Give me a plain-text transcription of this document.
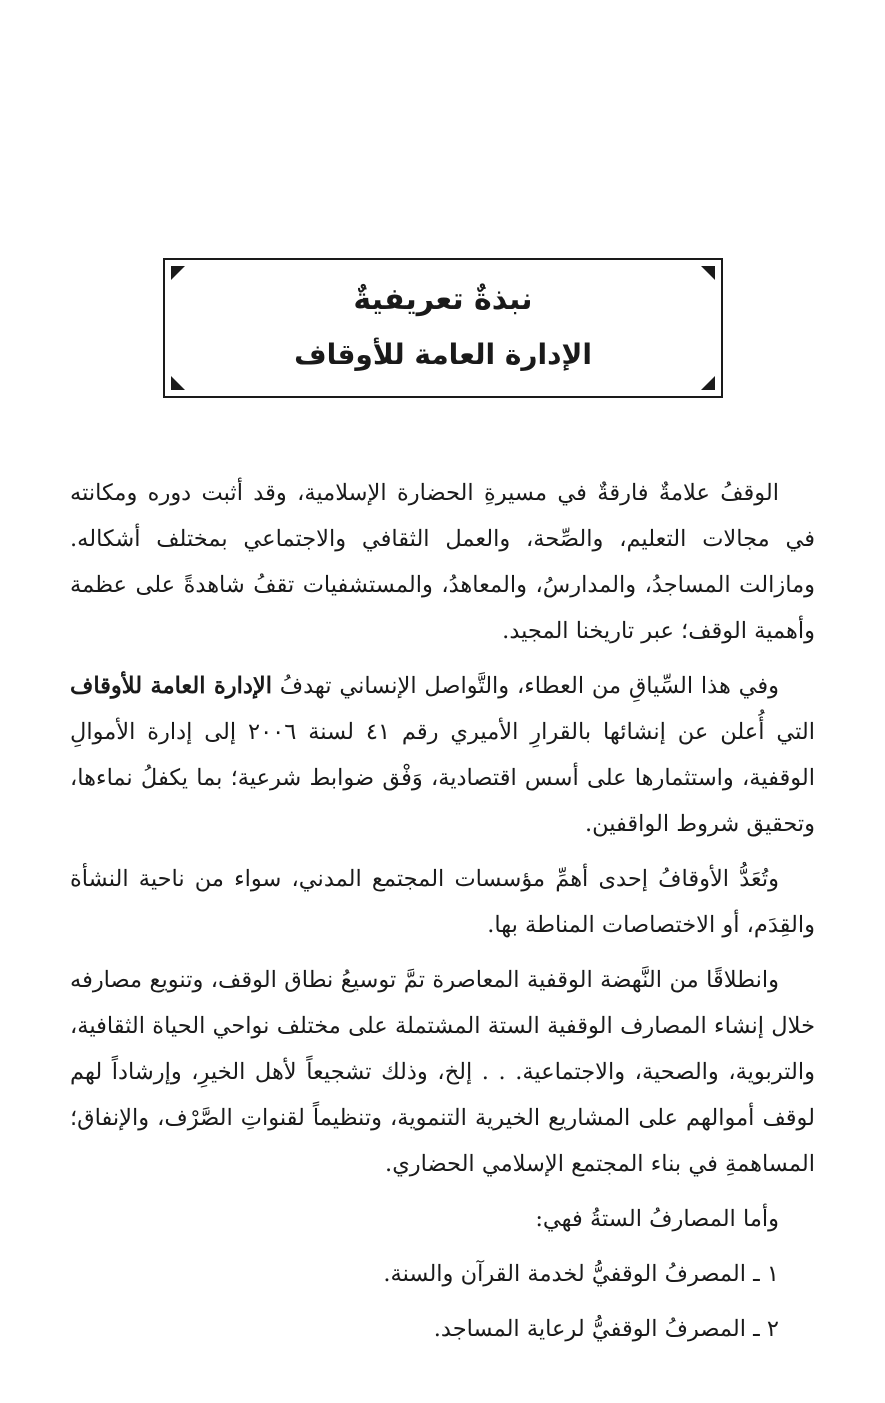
نبذةٌ تعريفيةٌ
الإدارة العامة للأوقاف

الوقفُ علامةٌ فارقةٌ في مسيرةِ الحضارة الإسلامية، وقد أثبت دوره ومكانته في مجالات التعليم، والصِّحة، والعمل الثقافي والاجتماعي بمختلف أشكاله. ومازالت المساجدُ، والمدارسُ، والمعاهدُ، والمستشفيات تقفُ شاهدةً على عظمة وأهمية الوقف؛ عبر تاريخنا المجيد.

وفي هذا السِّياقِ من العطاء، والتَّواصل الإنساني تهدفُ الإدارة العامة للأوقاف التي أُعلن عن إنشائها بالقرارِ الأميري رقم ٤١ لسنة ٢٠٠٦ إلى إدارة الأموالِ الوقفية، واستثمارها على أسس اقتصادية، وَفْق ضوابط شرعية؛ بما يكفلُ نماءها، وتحقيق شروط الواقفين.

وتُعَدُّ الأوقافُ إحدى أهمِّ مؤسسات المجتمع المدني، سواء من ناحية النشأة والقِدَم، أو الاختصاصات المناطة بها.

وانطلاقًا من النَّهضة الوقفية المعاصرة تمَّ توسيعُ نطاق الوقف، وتنويع مصارفه خلال إنشاء المصارف الوقفية الستة المشتملة على مختلف نواحي الحياة الثقافية، والتربوية، والصحية، والاجتماعية. . . إلخ، وذلك تشجيعاً لأهل الخيرِ، وإرشاداً لهم لوقف أموالهم على المشاريع الخيرية التنموية، وتنظيماً لقنواتِ الصَّرْف، والإنفاق؛ المساهمةِ في بناء المجتمع الإسلامي الحضاري.

وأما المصارفُ الستةُ فهي:

١ ـ المصرفُ الوقفيُّ لخدمة القرآن والسنة.
٢ ـ المصرفُ الوقفيُّ لرعاية المساجد.
